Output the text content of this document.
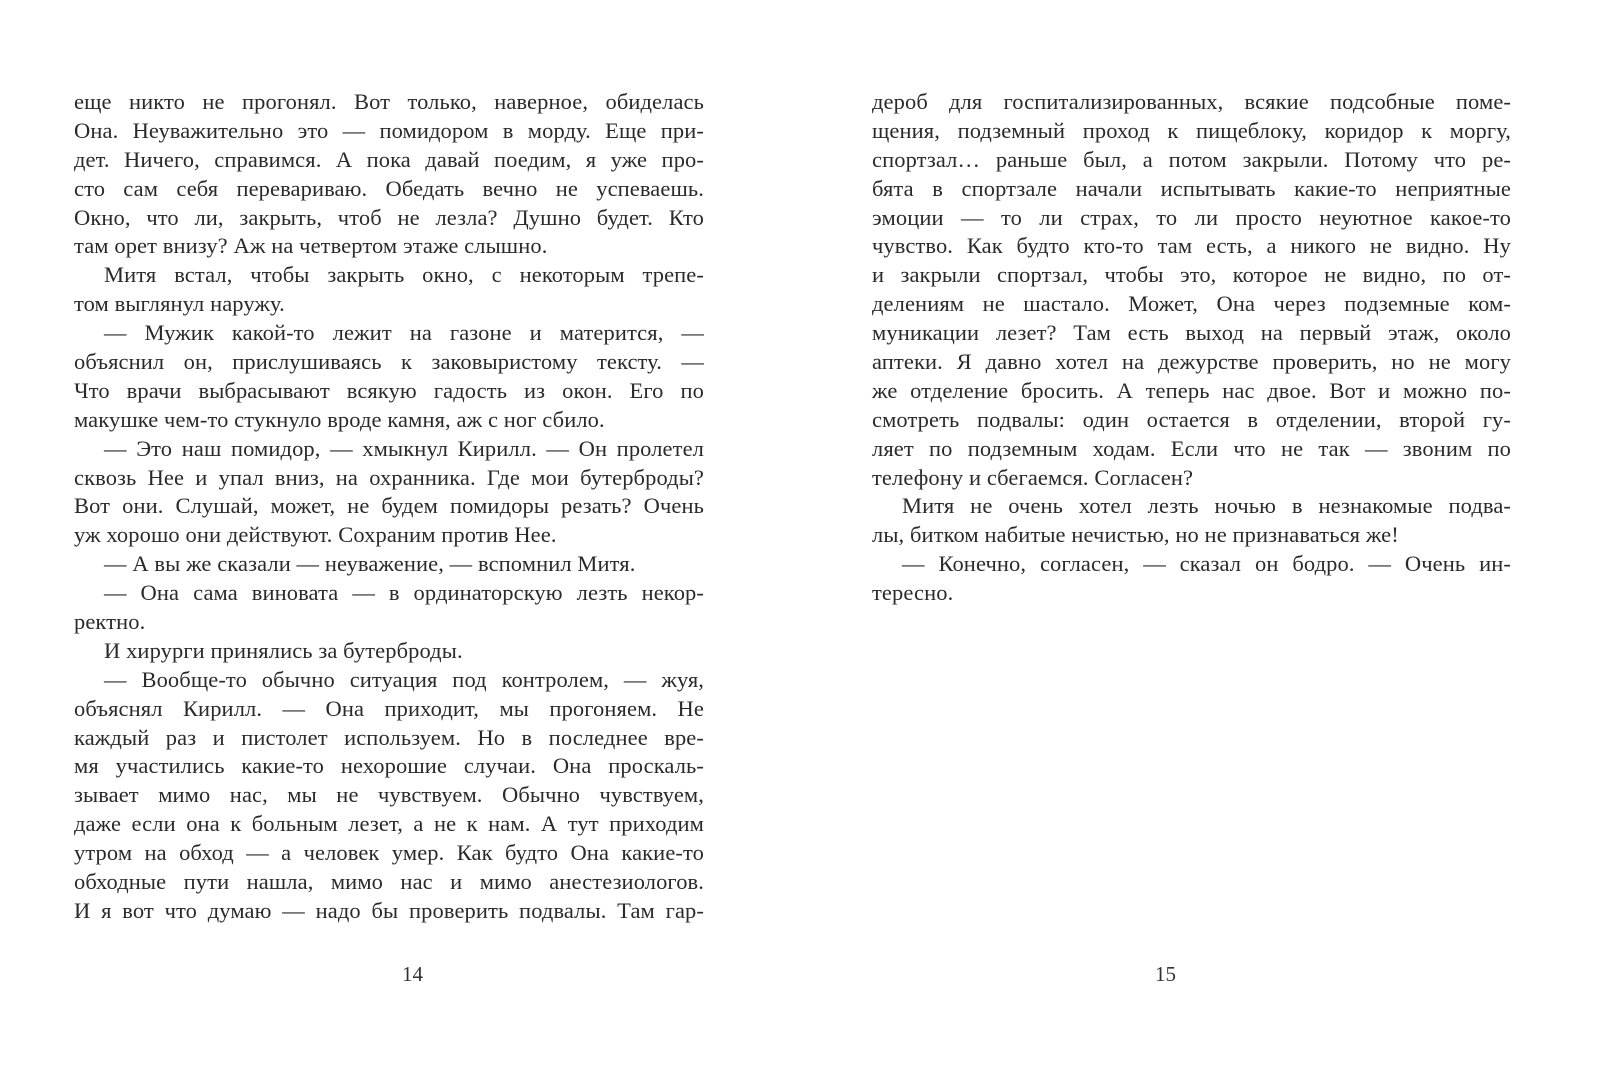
еще никто не прогонял. Вот только, наверное, обиделась
Она. Неуважительно это — помидором в морду. Еще при-
дет. Ничего, справимся. А пока давай поедим, я уже про-
сто сам себя перевариваю. Обедать вечно не успеваешь.
Окно, что ли, закрыть, чтоб не лезла? Душно будет. Кто
там орет внизу? Аж на четвертом этаже слышно.
Митя встал, чтобы закрыть окно, с некоторым трепе-
том выглянул наружу.
— Мужик какой-то лежит на газоне и матерится, —
объяснил он, прислушиваясь к заковыристому тексту. —
Что врачи выбрасывают всякую гадость из окон. Его по
макушке чем-то стукнуло вроде камня, аж с ног сбило.
— Это наш помидор, — хмыкнул Кирилл. — Он пролетел
сквозь Нее и упал вниз, на охранника. Где мои бутерброды?
Вот они. Слушай, может, не будем помидоры резать? Очень
уж хорошо они действуют. Сохраним против Нее.
— А вы же сказали — неуважение, — вспомнил Митя.
— Она сама виновата — в ординаторскую лезть некор-
ректно.
И хирурги принялись за бутерброды.
— Вообще-то обычно ситуация под контролем, — жуя,
объяснял Кирилл. — Она приходит, мы прогоняем. Не
каждый раз и пистолет используем. Но в последнее вре-
мя участились какие-то нехорошие случаи. Она проскаль-
зывает мимо нас, мы не чувствуем. Обычно чувствуем,
даже если она к больным лезет, а не к нам. А тут приходим
утром на обход — а человек умер. Как будто Она какие-то
обходные пути нашла, мимо нас и мимо анестезиологов.
И я вот что думаю — надо бы проверить подвалы. Там гар-
14
дероб для госпитализированных, всякие подсобные поме-
щения, подземный проход к пищеблоку, коридор к моргу,
спортзал… раньше был, а потом закрыли. Потому что ре-
бята в спортзале начали испытывать какие-то неприятные
эмоции — то ли страх, то ли просто неуютное какое-то
чувство. Как будто кто-то там есть, а никого не видно. Ну
и закрыли спортзал, чтобы это, которое не видно, по от-
делениям не шастало. Может, Она через подземные ком-
муникации лезет? Там есть выход на первый этаж, около
аптеки. Я давно хотел на дежурстве проверить, но не могу
же отделение бросить. А теперь нас двое. Вот и можно по-
смотреть подвалы: один остается в отделении, второй гу-
ляет по подземным ходам. Если что не так — звоним по
телефону и сбегаемся. Согласен?
Митя не очень хотел лезть ночью в незнакомые подва-
лы, битком набитые нечистью, но не признаваться же!
— Конечно, согласен, — сказал он бодро. — Очень ин-
тересно.
15
